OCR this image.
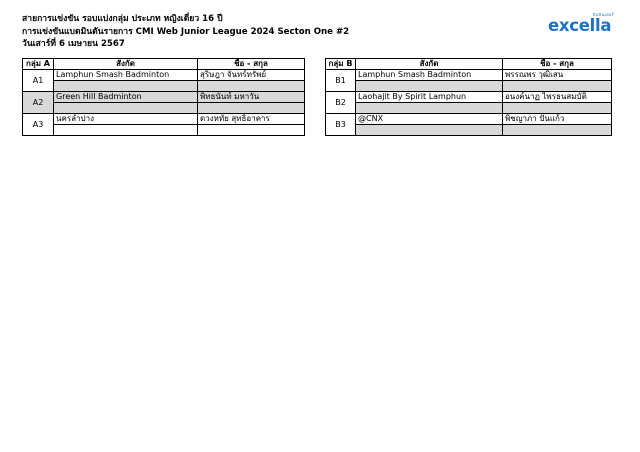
สายการแข่งขัน รอบแบ่งกลุ่ม ประเภท หญิงเดี่ยว 16 ปี
การแข่งขันแบดมินตันรายการ CMI Web Junior League 2024 Secton One #2
วันเสาร์ที่ 6 เมษายน 2567
ปันปันเยอร์
excella
กลุ่ม A	สังกัด	ชื่อ - สกุล
A1	Lamphun Smash Badminton	สุริษฎา จันทร์ทรัพย์

A2	Green Hill Badminton	พิทธนันท์ มหาวัน

A3	นครลำปาง	ดวงหทัย สุทธิอาคาร

กลุ่ม B	สังกัด	ชื่อ - สกุล
B1	Lamphun Smash Badminton	พรรณพร วุฒิเสน

B2	Laohajit By Spirit Lamphun	อนงค์นาฏ ไพรธนสมบัติ

B3	@CNX	พิชญาภา ปันแก้ว
